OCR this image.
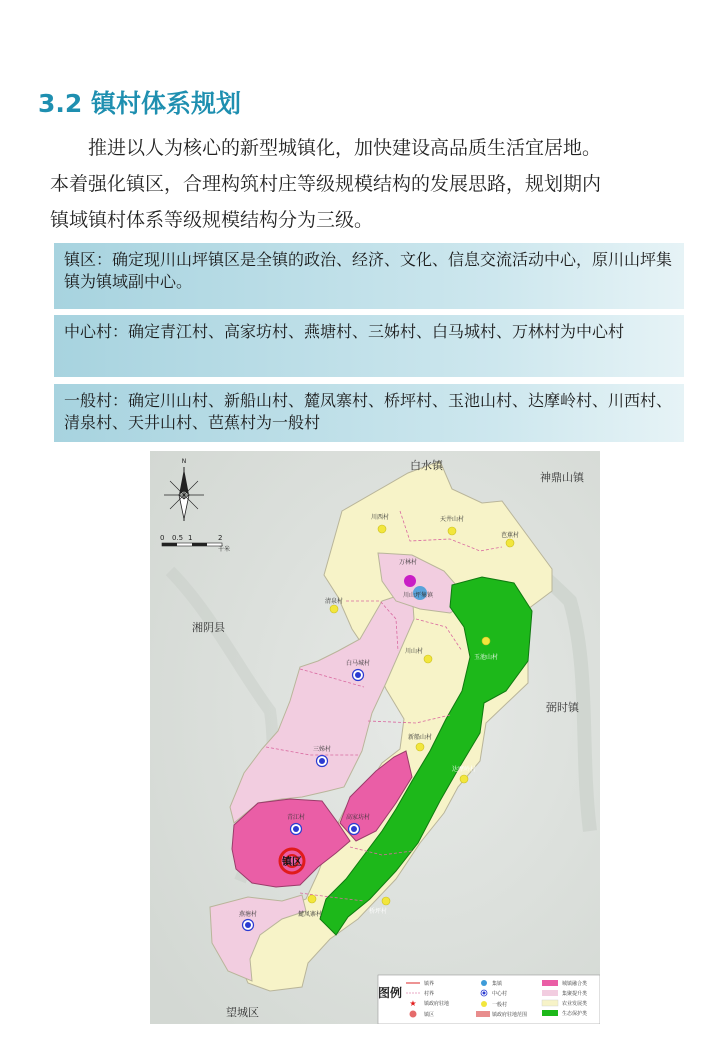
3.2 镇村体系规划

　　推进以人为核心的新型城镇化，加快建设高品质生活宜居地。

本着强化镇区，合理构筑村庄等级规模结构的发展思路，规划期内

镇域镇村体系等级规模结构分为三级。

镇区：确定现川山坪镇区是全镇的政治、经济、文化、信息交流活动中心，原川山坪集镇为镇域副中心。
中心村：确定青江村、高家坊村、燕塘村、三姊村、白马城村、万林村为中心村
一般村：确定川山村、新船山村、麓凤寨村、桥坪村、玉池山村、达摩岭村、川西村、清泉村、天井山村、芭蕉村为一般村
白水镇
神鼎山镇
湘阴县
弼时镇
望城区
N
0 0.5 1	2
千米
镇区
川西村	天井山村
芭蕉村
万林村
川山坪集镇
清泉村
川山村
白马城村
三姊村
新船山村
青江村	高家坊村
燕塘村	麓凤寨村
玉池山村
达摩岭村
桥坪村
图例
镇界
村界
★ 镇政府驻地
镇区
集镇
中心村
一般村
镇政府驻地范围
城镇融合类
集聚提升类
农业发展类
生态保护类
